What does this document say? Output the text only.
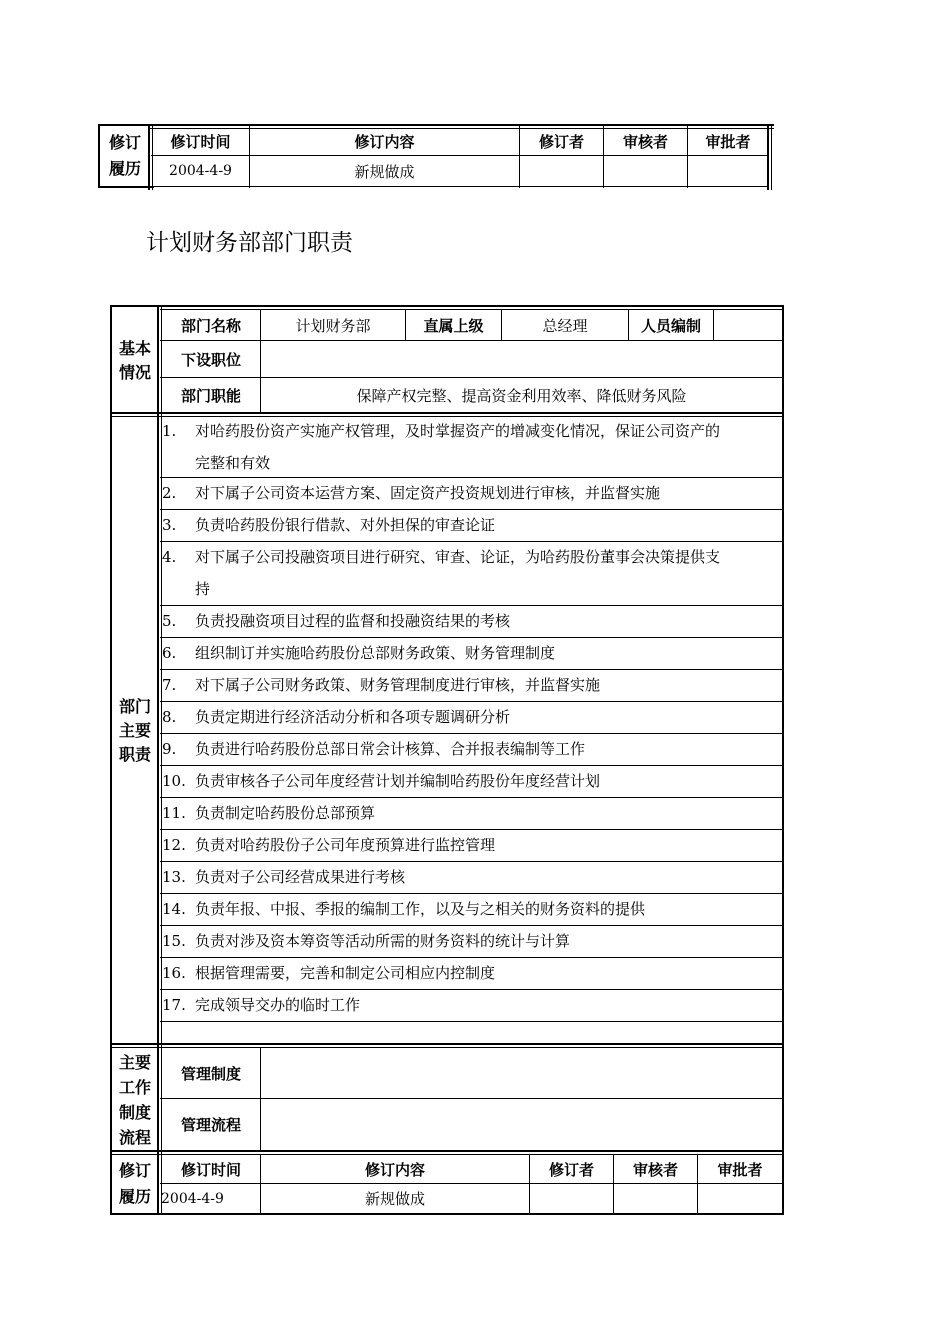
修订履历
修订时间	修订内容	修订者	审核者	审批者
2004-4-9	新规做成
计划财务部部门职责
基本情况
部门名称	计划财务部	直属上级	总经理	人员编制
下设职位
部门职能	保障产权完整、提高资金利用效率、降低财务风险
部门主要职责
1. 对哈药股份资产实施产权管理，及时掌握资产的增减变化情况，保证公司资产的
完整和有效
2. 对下属子公司资本运营方案、固定资产投资规划进行审核，并监督实施
3. 负责哈药股份银行借款、对外担保的审查论证
4. 对下属子公司投融资项目进行研究、审查、论证，为哈药股份董事会决策提供支
持
5. 负责投融资项目过程的监督和投融资结果的考核
6. 组织制订并实施哈药股份总部财务政策、财务管理制度
7. 对下属子公司财务政策、财务管理制度进行审核，并监督实施
8. 负责定期进行经济活动分析和各项专题调研分析
9. 负责进行哈药股份总部日常会计核算、合并报表编制等工作
10. 负责审核各子公司年度经营计划并编制哈药股份年度经营计划
11. 负责制定哈药股份总部预算
12. 负责对哈药股份子公司年度预算进行监控管理
13. 负责对子公司经营成果进行考核
14. 负责年报、中报、季报的编制工作，以及与之相关的财务资料的提供
15. 负责对涉及资本筹资等活动所需的财务资料的统计与计算
16. 根据管理需要，完善和制定公司相应内控制度
17. 完成领导交办的临时工作
主要工作制度流程
管理制度
管理流程
修订履历
修订时间	修订内容	修订者	审核者	审批者
2004-4-9	新规做成
